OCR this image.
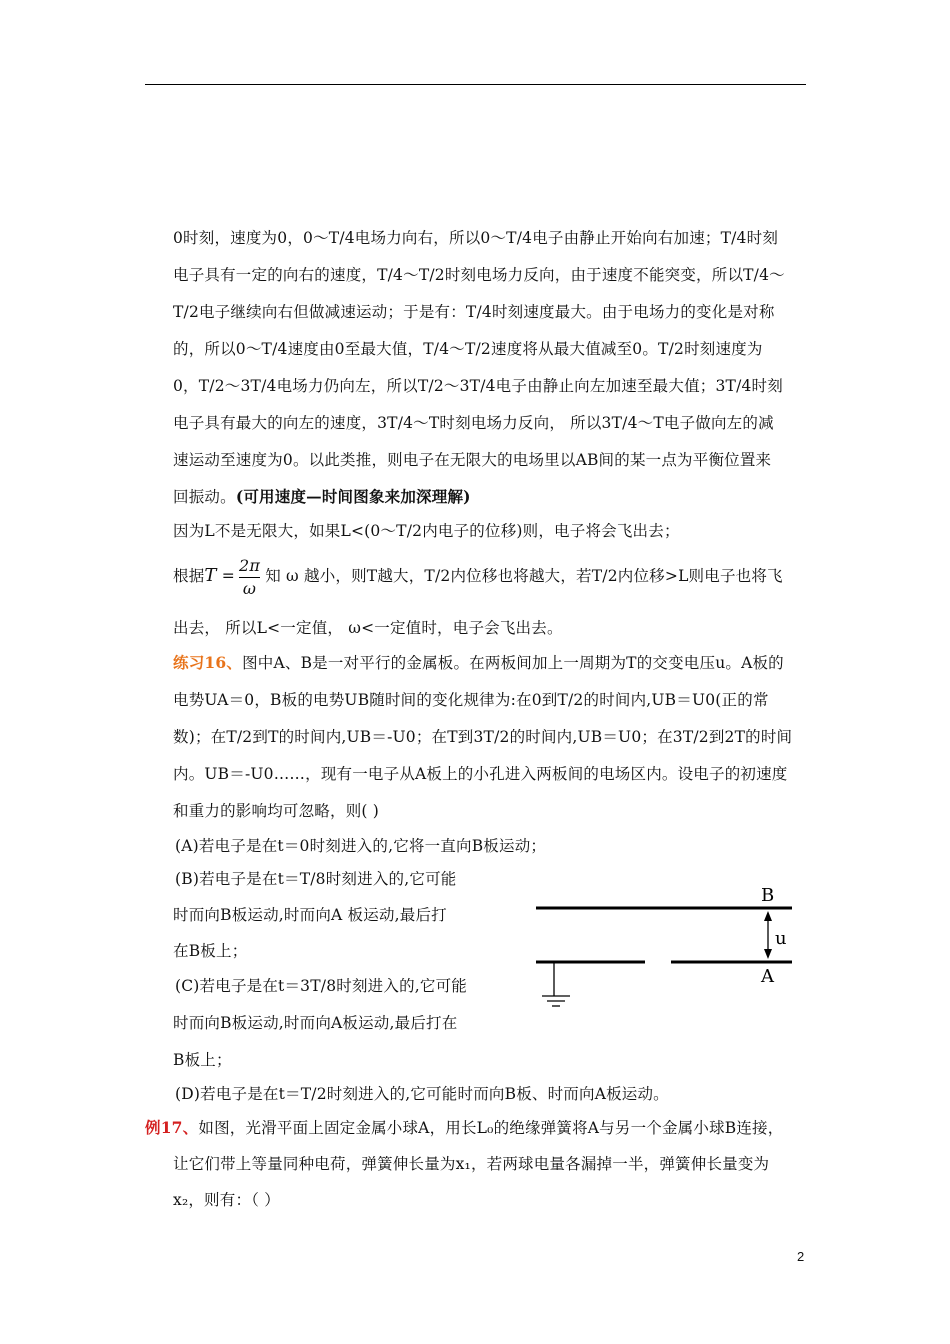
0时刻，速度为0，0～T/4电场力向右，所以0～T/4电子由静止开始向右加速；T/4时刻
电子具有一定的向右的速度，T/4～T/2时刻电场力反向，由于速度不能突变，所以T/4～
T/2电子继续向右但做减速运动；于是有：T/4时刻速度最大。由于电场力的变化是对称
的，所以0～T/4速度由0至最大值，T/4～T/2速度将从最大值减至0。T/2时刻速度为
0，T/2～3T/4电场力仍向左，所以T/2～3T/4电子由静止向左加速至最大值；3T/4时刻
电子具有最大的向左的速度，3T/4～T时刻电场力反向， 所以3T/4～T电子做向左的减
速运动至速度为0。以此类推，则电子在无限大的电场里以AB间的某一点为平衡位置来
回振动。(可用速度—时间图象来加深理解)
因为L不是无限大，如果L<(0～T/2内电子的位移)则，电子将会飞出去；
根据$T = \frac{2\pi}{\omega}$ 知 ω 越小，则T越大，T/2内位移也将越大，若T/2内位移>L则电子也将飞
出去， 所以L<一定值， ω<一定值时，电子会飞出去。
练习16、图中A、B是一对平行的金属板。在两板间加上一周期为T的交变电压u。A板的
电势UA＝0，B板的电势UB随时间的变化规律为:在0到T/2的时间内,UB＝U0(正的常
数)；在T/2到T的时间内,UB＝-U0；在T到3T/2的时间内,UB＝U0；在3T/2到2T的时间
内。UB＝-U0……，现有一电子从A板上的小孔进入两板间的电场区内。设电子的初速度
和重力的影响均可忽略，则( )
(A)若电子是在t＝0时刻进入的,它将一直向B板运动；
(B)若电子是在t＝T/8时刻进入的,它可能
时而向B板运动,时而向A 板运动,最后打
在B板上；
(C)若电子是在t＝3T/8时刻进入的,它可能
时而向B板运动,时而向A板运动,最后打在
B板上；
(D)若电子是在t＝T/2时刻进入的,它可能时而向B板、时而向A板运动。
B
A
u
例17、如图，光滑平面上固定金属小球A，用长L₀的绝缘弹簧将A与另一个金属小球B连接，
让它们带上等量同种电荷，弹簧伸长量为x₁，若两球电量各漏掉一半，弹簧伸长量变为
x₂，则有：（ ）
2
